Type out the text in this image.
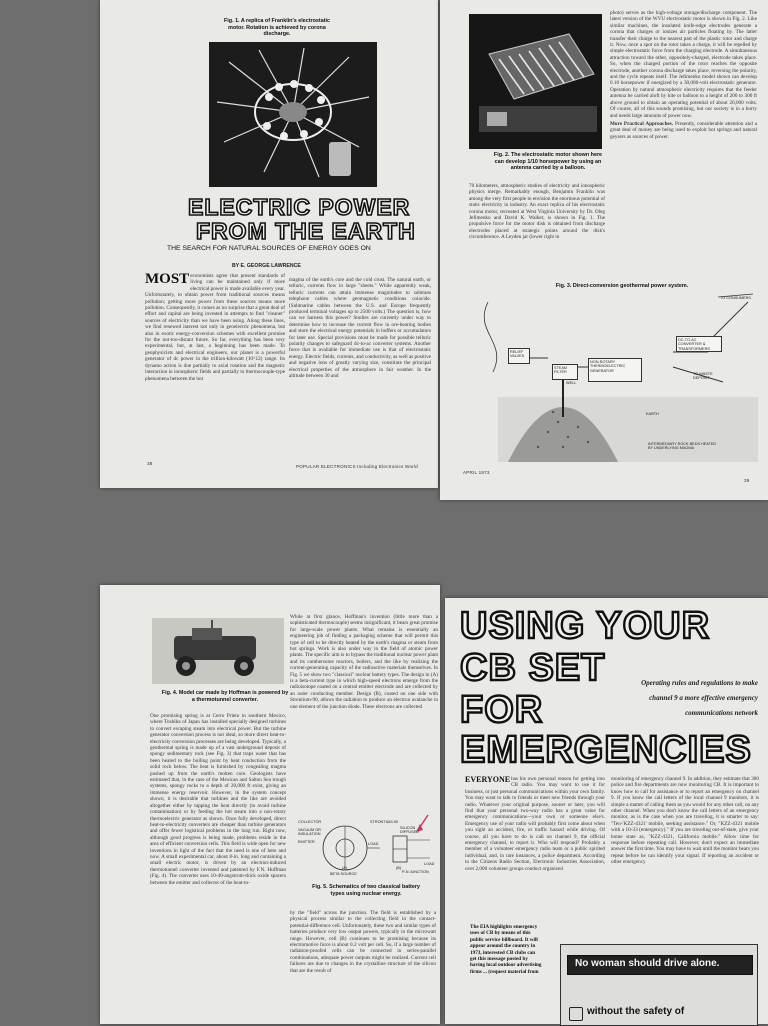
Fig. 1. A replica of Franklin's electrostatic motor. Rotation is achieved by corona discharge.
ELECTRIC POWER
FROM THE EARTH
THE SEARCH FOR NATURAL SOURCES OF ENERGY GOES ON
BY E. GEORGE LAWRENCE
MOST economists agree that present standards of living can be maintained only if more electrical power is made available every year. Unfortunately, to obtain power from traditional sources means pollution; getting more power from these sources means more pollution. Consequently, it comes as no surprise that a great deal of effort and capital are being invested in attempts to find "cleaner" sources of electricity than we have been using. Along these lines, we find renewed interest not only in geoelectric phenomena, but also in exotic energy-conversion schemes with excellent promise for the not-too-distant future. So far, everything has been very experimental, but, at last, a beginning has been made. To geophysicists and electrical engineers, our planet is a powerful generator of dc power in the trillion-kilowatt (10^12) range. Its dynamo action is due partially to axial rotation and the magnetic interaction in ionospheric fields and partially to thermocouple-type phenomena between the hot
magma of the earth's core and the cold crust. The natural earth, or telluric, currents flow in large "sheets." While apparently weak, telluric currents can attain immense magnitudes to subtrans telephone cables where geomagnetic conditions coincide. (Submarine cables between the U.S. and Europe frequently produced terminal voltages up to 2500 volts.) The question is, how can we harness this power? Studies are currently under way to determine how to increase the current flow in ore-bearing bodies and store the electrical energy potentials in buffers or accumulators for later use. Special provisions must be made for possible telluric polarity changes to safeguard dc-to-ac converter systems. Another force that is available for immediate use is that of electrostatic energy. Electric fields, currents, and conductivity, as well as positive and negative ions of greatly varying size, constitute the principal electrical properties of the atmosphere in fair weather. In the altitude between 30 and
38
POPULAR ELECTRONICS Including Electronics World
Fig. 2. The electrostatic motor shown here can develop 1/10 horsepower by using an antenna carried by a balloon.
70 kilometers, atmospheric studies of electricity and ionospheric physics merge. Remarkably enough, Benjamin Franklin was among the very first people to envision the enormous potential of static electricity in industry. An exact replica of his electrostatic corona motor, recreated at West Virginia University by Dr. Oleg Jefimenko and David K. Walker, is shown in Fig. 1. The propulsive force for the motor disk is obtained from discharge electrodes placed at strategic points around the disk's circumference. A Leyden jar (lower right in
photo) serves as the high-voltage storage/discharge component. The latest version of the WVU electrostatic motor is shown in Fig. 2. Like similar machines, the insulated knife-edge electrodes generate a corona that charges or ionizes air particles floating by. The latter transfer their charge to the nearest part of the plastic rotor and charge it. Now, once a spot on the rotor takes a charge, it will be repelled by simple electrostatic force from the charging electrode. A simultaneous attraction toward the other, oppositely-charged, electrode takes place. So, when the charged portion of the rotor reaches the opposite electrode, another corona discharge takes place, reversing the polarity, and the cycle repeats itself. The Jefimenko model shown can develop 0.10 horsepower if energized by a 30,000-volt electrostatic generator. Operation by natural atmospheric electricity requires that the feeder antenna be carried aloft by kite or balloon to a height of 200 to 300 ft above ground to obtain an operating potential of about 20,000 volts. Of course, all of this sounds promising, but our society is in a hurry and needs large amounts of power now.

More Practical Approaches. Presently, considerable attention and a great deal of money are being used to exploit hot springs and natural geysers as sources of power.
Fig. 3. Direct-conversion geothermal power system.
TO CONSUMERS
DC-TO-AC CONVERTER & TRANSFORMERS
RELIEF VALVES
STEAM FILTER
NON-ROTARY THERMOELECTRIC GENERATOR
TO WASTE DEPOSIT
WELL
EARTH
INTERMEDIARY ROCK BEDS HEATED BY UNDERLYING MAGMA
APRIL 1973
39
Fig. 4. Model car made by Hoffman is powered by a thermotunnel converter.
One promising spring is at Cerro Prieto in southern Mexico, where Toshiba of Japan has installed specially designed turbines to convert escaping steam into electrical power. But the turbine generator conversion process is not ideal, so more direct heat-to-electricity conversion processes are being developed. Typically, a geothermal spring is made up of a vast underground deposit of spongy sedimentary rock (see Fig. 3) that traps water that has been heated to the boiling point by heat conduction from the solid rock below. The heat is furnished by congealing magma pushed up from the earth's molten core. Geologists have estimated that, in the case of the Mexican and Salton Sea trough systems, spongy rocks to a depth of 20,000 ft exist, giving an immense energy reservoir. However, in the system concept shown, it is desirable that turbines and the like are avoided altogether either by tapping the heat directly (to avoid turbine contamination) or by feeding the hot steam into a non-rotary thermoelectric generator as shown. Once fully developed, direct heat-to-electricity converters are cheaper than turbine generators and offer fewer logistical problems in the long run. Right now, although good progress is being made, problems reside in the area of efficient conversion cells. This field is wide open for new inventions in light of the fact that the need is one of here and now. A small experimental car, about 8-in. long and containing a small electric motor, is driven by an electron-induced thermotunnel converter invented and patented by F.N. Huffman (Fig. 4). The converter uses 10-40-angstrom-thick oxide spacers between the emitter and collector of the heat-to-
While at first glance, Hoffman's invention (little more than a sophisticated thermocouple) seems insignificant, it bears great promise for large-scale power plants. What remains is essentially an engineering job of finding a packaging scheme that will permit this type of cell to be directly heated by the earth's magma or steam from hot springs. Work is also under way in the field of atomic power plants. The specific aim is to bypass the traditional nuclear power plant and its cumbersome reactors, boilers, and the like by realizing the current-generating capacity of the radioactive materials themselves. In Fig. 5 we show two "classical" nuclear battery types. The design in (A) is a beta-current type in which high-speed electrons emerge from the radioisotope coated on a central emitter electrode and are collected by an outer conducting member. Design (B), coated on one side with Strontium-90, allows the radiation to produce an electron avalanche in one element of the junction diode. These electrons are collected
COLLECTOR
VACUUM OR INSULATION
EMITTER
BETA SOURCE
LOAD
STRONTIUM-90
SILICON DIFFUSED
LOAD
P-N JUNCTION
(A)	(B)
Fig. 5. Schematics of two classical battery types using nuclear energy.
by the "field" across the junction. The field is established by a physical process similar to the collecting field in the contact-potential-difference cell. Unfortunately, these two and similar types of batteries produce very low output powers, typically in the microwatt range. However, cell (B) continues to be promising because its electromotive force is about 0.2 volt per cell. So, if a large number of radiation-proofed cells can be connected in series-parallel combinations, adequate power outputs might be realized. Current cell failures are due to changes in the crystalline structure of the silicon that are the result of
USING YOUR
CB SET
FOR
EMERGENCIES
Operating rules and regulations to make channel 9 a more effective emergency communications network
EVERYONE has his own personal reason for getting into CB radio. You may want to use it for business, or just personal communications within your own family. You may want to talk to friends or meet new friends through your radio. Whatever your original purpose, sooner or later, you will find that your personal two-way radio has a great value for emergency communications—your own or someone else's. Emergency use of your radio will probably first come about when you sight an accident, fire, or traffic hazard while driving. Of course, all you have to do is call on channel 9, the official emergency channel, to report it. Who will respond? Probably a member of a volunteer emergency radio team or a public spirited individual, and, in rare instances, a police department. According to the Citizens Radio Section, Electronic Industries Association, over 2,000 volunteer groups conduct organized
monitoring of emergency channel 9. In addition, they estimate that 300 police and fire departments are now monitoring CB. It is important to know how to call for assistance or to report an emergency on channel 9. If you know the call letters of the local channel 9 monitors, it is simple a matter of calling them as you would for any other call, on any other channel. When you don't know the call letters of an emergency monitor, as is the case when you are traveling, it is smarter to say: "Ten-'KZZ-4321' mobile, seeking assistance." Or, "KZZ-4321 mobile with a 10-33 (emergency)." If you are traveling out-of-state, give your home state as, "KZZ-4321, California mobile." Allow time for response before repeating call. However, don't expect an immediate answer the first time. You may have to wait until the monitor hears you repeat before he can identify your signal. If reporting an accident or other emergency
The EIA highlights emergency uses of CB by means of this public service billboard. It will appear around the country in 1973, interested CB clubs can get this message posted by having local outdoor advertising firms ... (request material from
No woman should drive alone.
without the safety of
